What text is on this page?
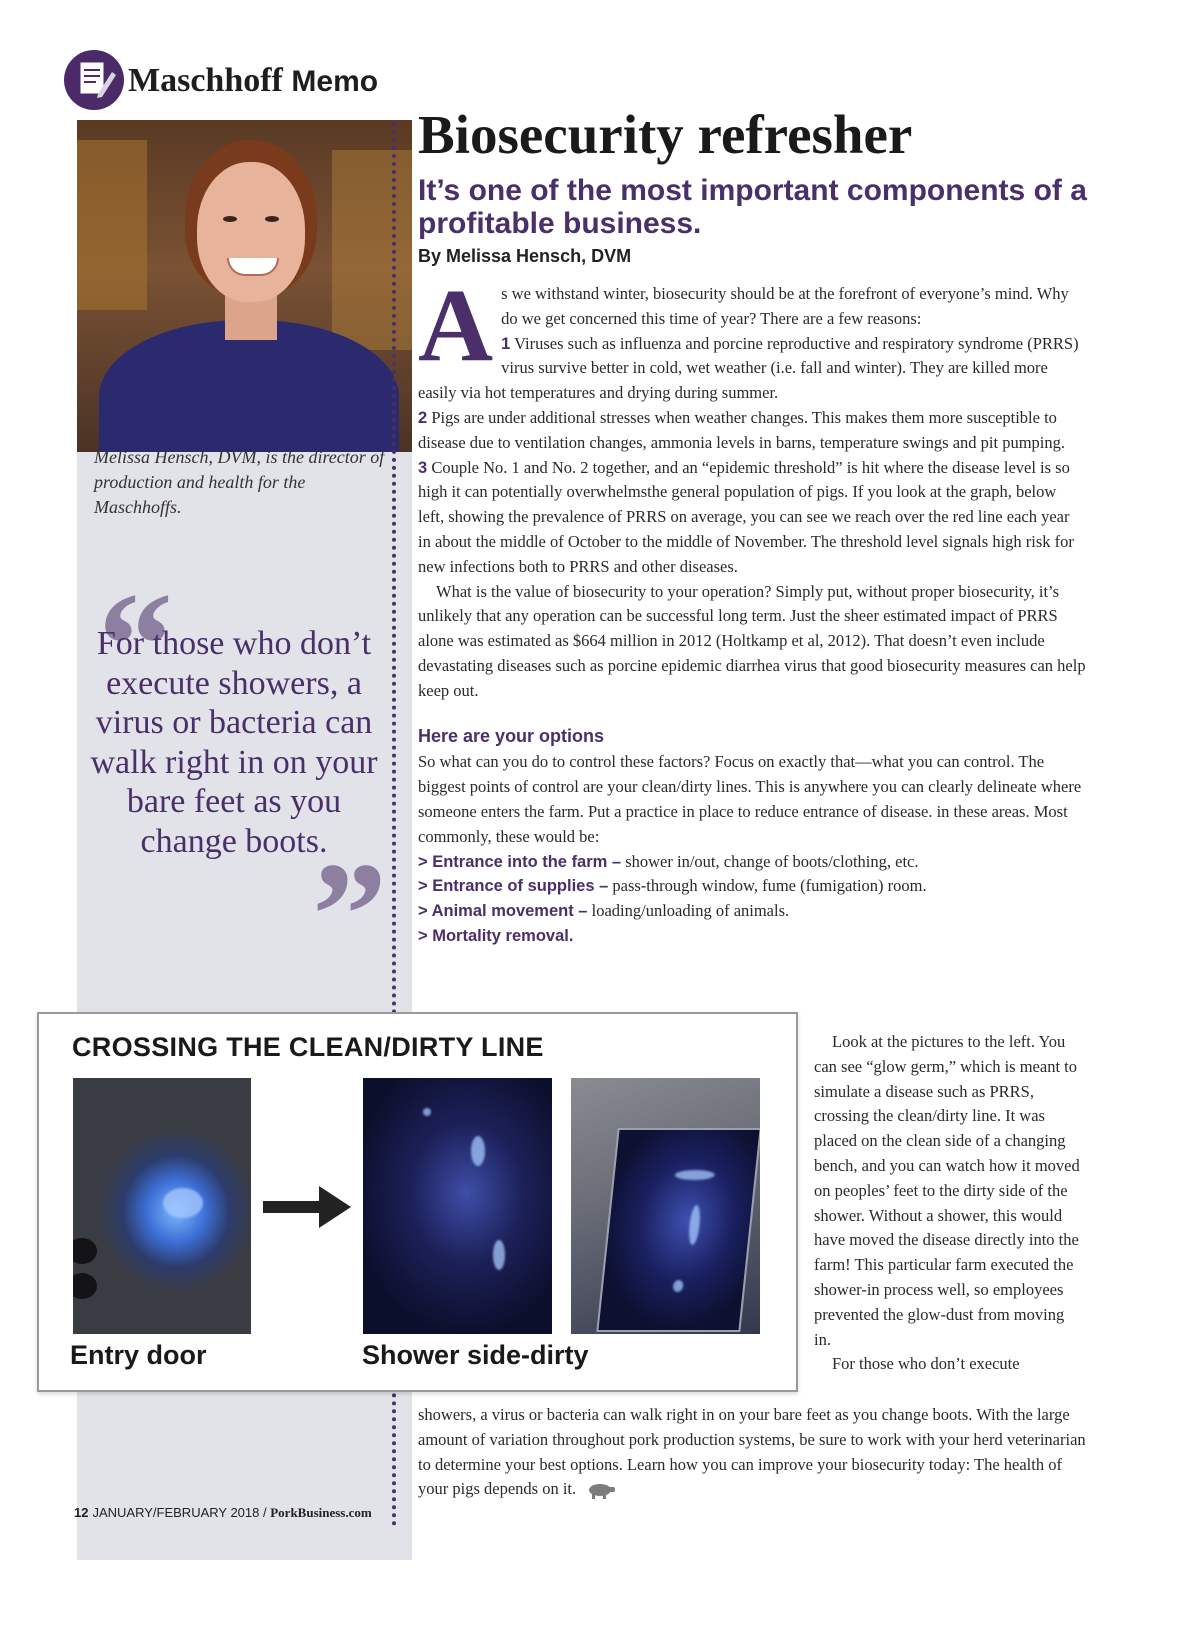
Maschhoff Memo
Melissa Hensch, DVM, is the director of production and health for the Maschhoffs.
“
For those who don’t execute showers, a virus or bacteria can walk right in on your bare feet as you change boots.
”
Biosecurity refresher
It’s one of the most important components of a profitable business.
By Melissa Hensch, DVM

As we withstand winter, biosecurity should be at the forefront of everyone’s mind. Why do we get concerned this time of year? There are a few reasons:

1 Viruses such as influenza and porcine reproductive and respiratory syndrome (PRRS) virus survive better in cold, wet weather (i.e. fall and winter). They are killed more easily via hot temperatures and drying during summer.

2 Pigs are under additional stresses when weather changes. This makes them more susceptible to disease due to ventilation changes, ammonia levels in barns, temperature swings and pit pumping.

3 Couple No. 1 and No. 2 together, and an “epidemic threshold” is hit where the disease level is so high it can potentially overwhelmsthe general population of pigs. If you look at the graph, below left, showing the prevalence of PRRS on average, you can see we reach over the red line each year in about the middle of October to the middle of November. The threshold level signals high risk for new infections both to PRRS and other diseases.

What is the value of biosecurity to your operation? Simply put, without proper biosecurity, it’s unlikely that any operation can be successful long term. Just the sheer estimated impact of PRRS alone was estimated as $664 million in 2012 (Holtkamp et al, 2012). That doesn’t even include devastating diseases such as porcine epidemic diarrhea virus that good biosecurity measures can help keep out.

Here are your options

So what can you do to control these factors? Focus on exactly that—what you can control. The biggest points of control are your clean/dirty lines. This is anywhere you can clearly delineate where someone enters the farm. Put a practice in place to reduce entrance of disease. in these areas. Most commonly, these would be:

> Entrance into the farm – shower in/out, change of boots/clothing, etc.

> Entrance of supplies – pass-through window, fume (fumigation) room.

> Animal movement – loading/unloading of animals.

> Mortality removal.

CROSSING THE CLEAN/DIRTY LINE
Entry door	Shower side-dirty

Look at the pictures to the left. You can see “glow germ,” which is meant to simulate a disease such as PRRS, crossing the clean/dirty line. It was placed on the clean side of a changing bench, and you can watch how it moved on peoples’ feet to the dirty side of the shower. Without a shower, this would have moved the disease directly into the farm! This particular farm executed the shower-in process well, so employees prevented the glow-dust from moving in.

For those who don’t execute

showers, a virus or bacteria can walk right in on your bare feet as you change boots. With the large amount of variation throughout pork production systems, be sure to work with your herd veterinarian to determine your best options. Learn how you can improve your biosecurity today: The health of your pigs depends on it.

12 JANUARY/FEBRUARY 2018 / PorkBusiness.com
